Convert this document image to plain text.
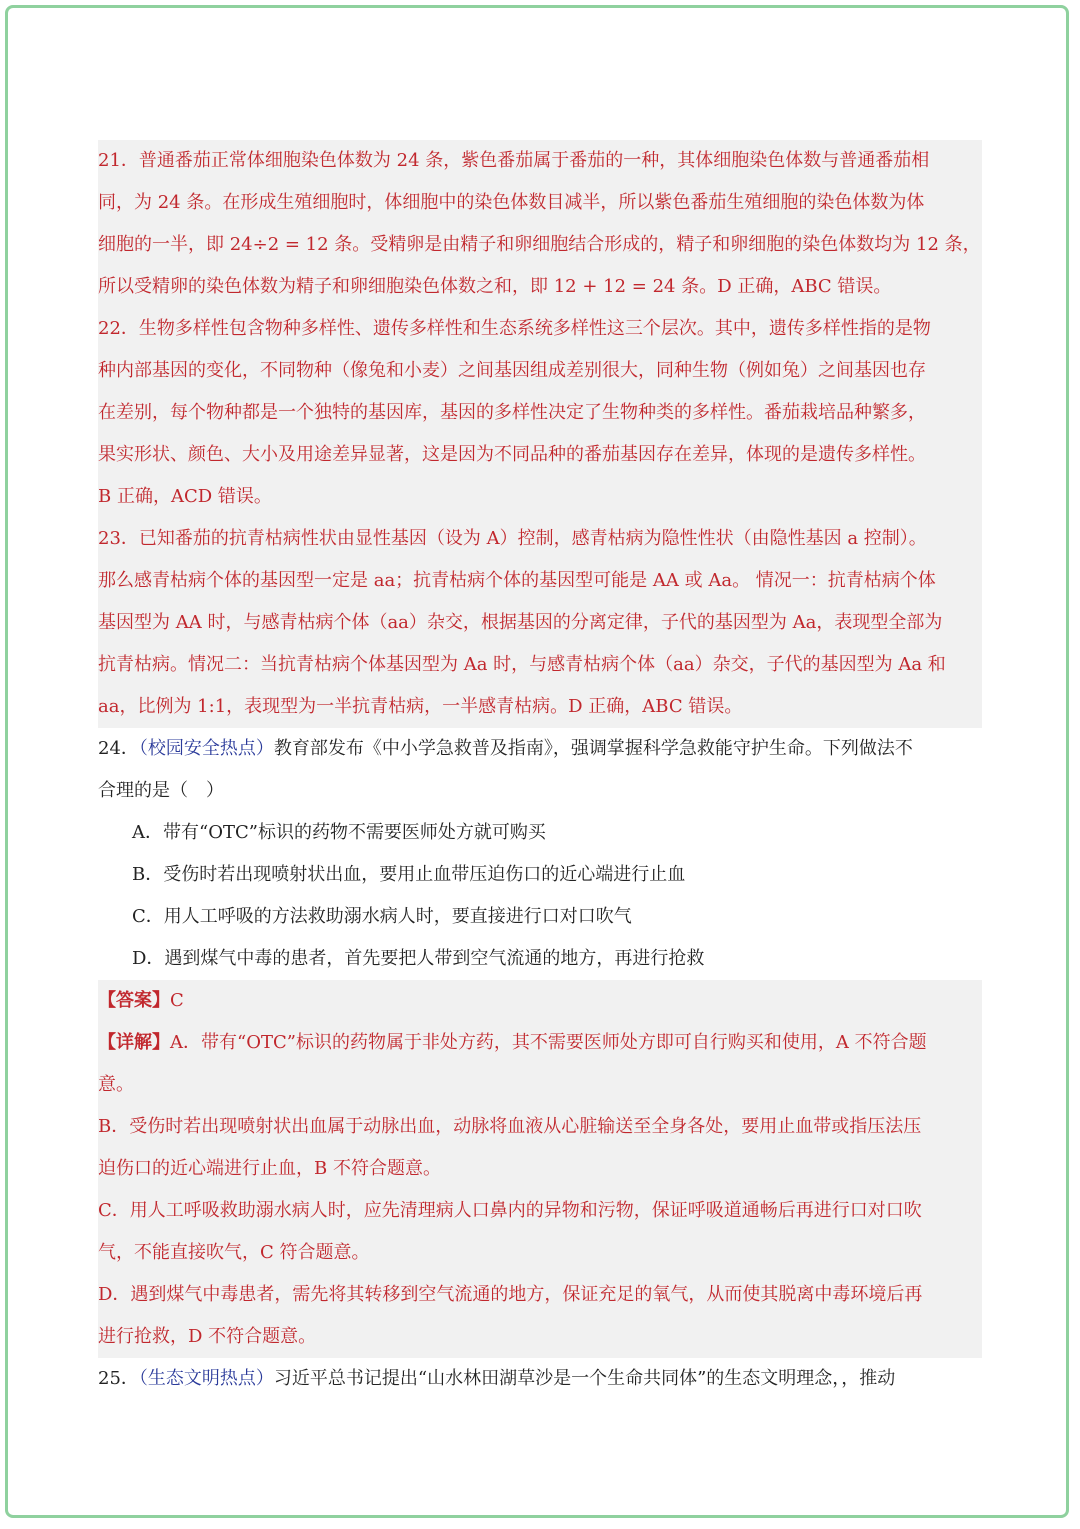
21．普通番茄正常体细胞染色体数为 24 条，紫色番茄属于番茄的一种，其体细胞染色体数与普通番茄相
同，为 24 条。在形成生殖细胞时，体细胞中的染色体数目减半，所以紫色番茄生殖细胞的染色体数为体
细胞的一半，即 24÷2 = 12 条。受精卵是由精子和卵细胞结合形成的，精子和卵细胞的染色体数均为 12 条，
所以受精卵的染色体数为精子和卵细胞染色体数之和，即 12 + 12 = 24 条。D 正确，ABC 错误。
22．生物多样性包含物种多样性、遗传多样性和生态系统多样性这三个层次。其中，遗传多样性指的是物
种内部基因的变化，不同物种（像兔和小麦）之间基因组成差别很大，同种生物（例如兔）之间基因也存
在差别，每个物种都是一个独特的基因库，基因的多样性决定了生物种类的多样性。番茄栽培品种繁多，
果实形状、颜色、大小及用途差异显著，这是因为不同品种的番茄基因存在差异，体现的是遗传多样性。
B 正确，ACD 错误。
23．已知番茄的抗青枯病性状由显性基因（设为 A）控制，感青枯病为隐性性状（由隐性基因 a 控制）。
那么感青枯病个体的基因型一定是 aa；抗青枯病个体的基因型可能是 AA 或 Aa。 情况一：抗青枯病个体
基因型为 AA 时，与感青枯病个体（aa）杂交，根据基因的分离定律，子代的基因型为 Aa，表现型全部为
抗青枯病。情况二：当抗青枯病个体基因型为 Aa 时，与感青枯病个体（aa）杂交，子代的基因型为 Aa 和
aa，比例为 1:1，表现型为一半抗青枯病，一半感青枯病。D 正确，ABC 错误。
24．（校园安全热点）教育部发布《中小学急救普及指南》，强调掌握科学急救能守护生命。下列做法不
合理的是（　）
A．带有“OTC”标识的药物不需要医师处方就可购买
B．受伤时若出现喷射状出血，要用止血带压迫伤口的近心端进行止血
C．用人工呼吸的方法救助溺水病人时，要直接进行口对口吹气
D．遇到煤气中毒的患者，首先要把人带到空气流通的地方，再进行抢救
【答案】C
【详解】A．带有“OTC”标识的药物属于非处方药，其不需要医师处方即可自行购买和使用，A 不符合题
意。
B．受伤时若出现喷射状出血属于动脉出血，动脉将血液从心脏输送至全身各处，要用止血带或指压法压
迫伤口的近心端进行止血，B 不符合题意。
C．用人工呼吸救助溺水病人时，应先清理病人口鼻内的异物和污物，保证呼吸道通畅后再进行口对口吹
气，不能直接吹气，C 符合题意。
D．遇到煤气中毒患者，需先将其转移到空气流通的地方，保证充足的氧气，从而使其脱离中毒环境后再
进行抢救，D 不符合题意。
25．（生态文明热点）习近平总书记提出“山水林田湖草沙是一个生命共同体”的生态文明理念，，推动
